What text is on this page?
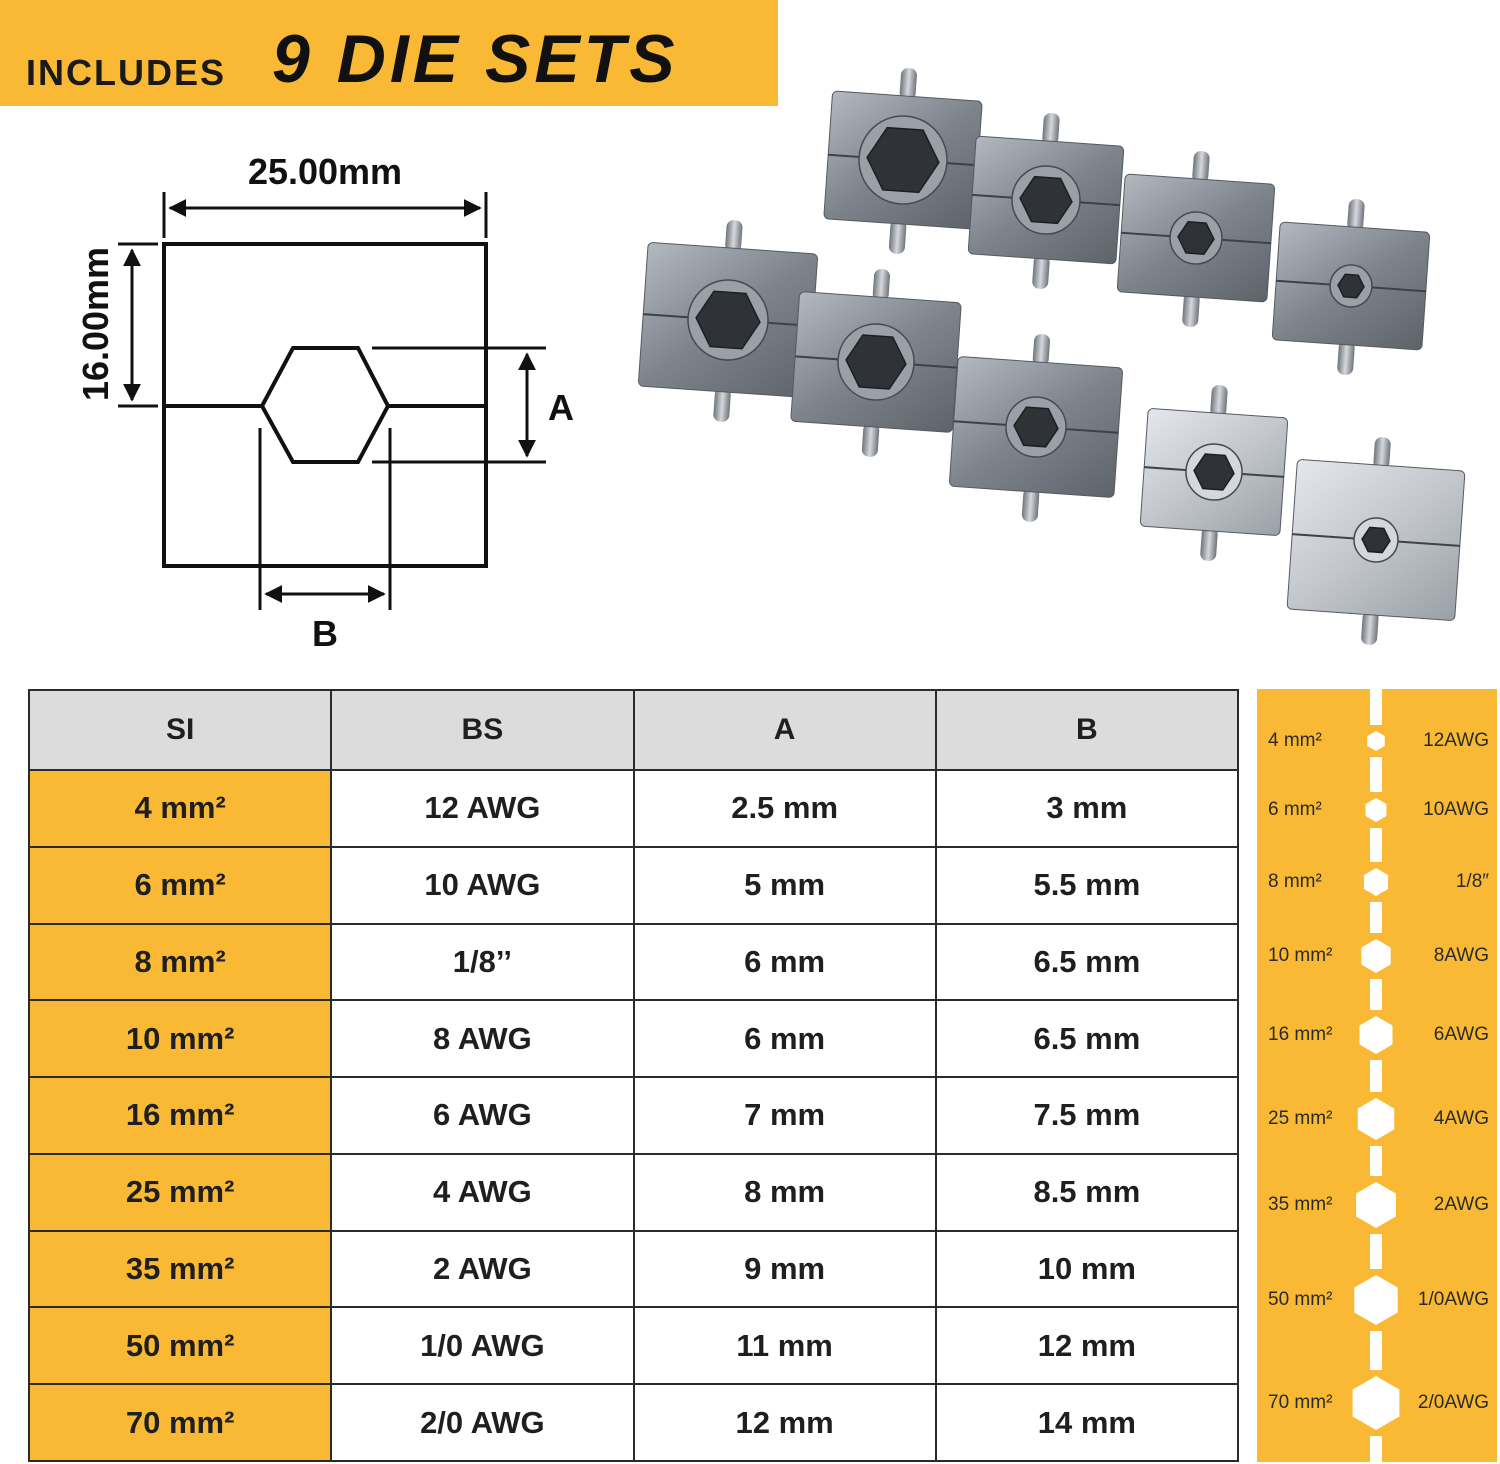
INCLUDES 9 DIE SETS
25.00mm
16.00mm
A
B
SI	BS	A	B
4 mm²	12 AWG	2.5 mm	3 mm
6 mm²	10 AWG	5 mm	5.5 mm
8 mm²	1/8’’	6 mm	6.5 mm
10 mm²	8 AWG	6 mm	6.5 mm
16 mm²	6 AWG	7 mm	7.5 mm
25 mm²	4 AWG	8 mm	8.5 mm
35 mm²	2 AWG	9 mm	10 mm
50 mm²	1/0 AWG	11 mm	12 mm
70 mm²	2/0 AWG	12 mm	14 mm
4 mm²	12AWG
6 mm²	10AWG
8 mm²	1/8″
10 mm²	8AWG
16 mm²	6AWG
25 mm²	4AWG
35 mm²	2AWG
50 mm²	1/0AWG
70 mm²	2/0AWG
